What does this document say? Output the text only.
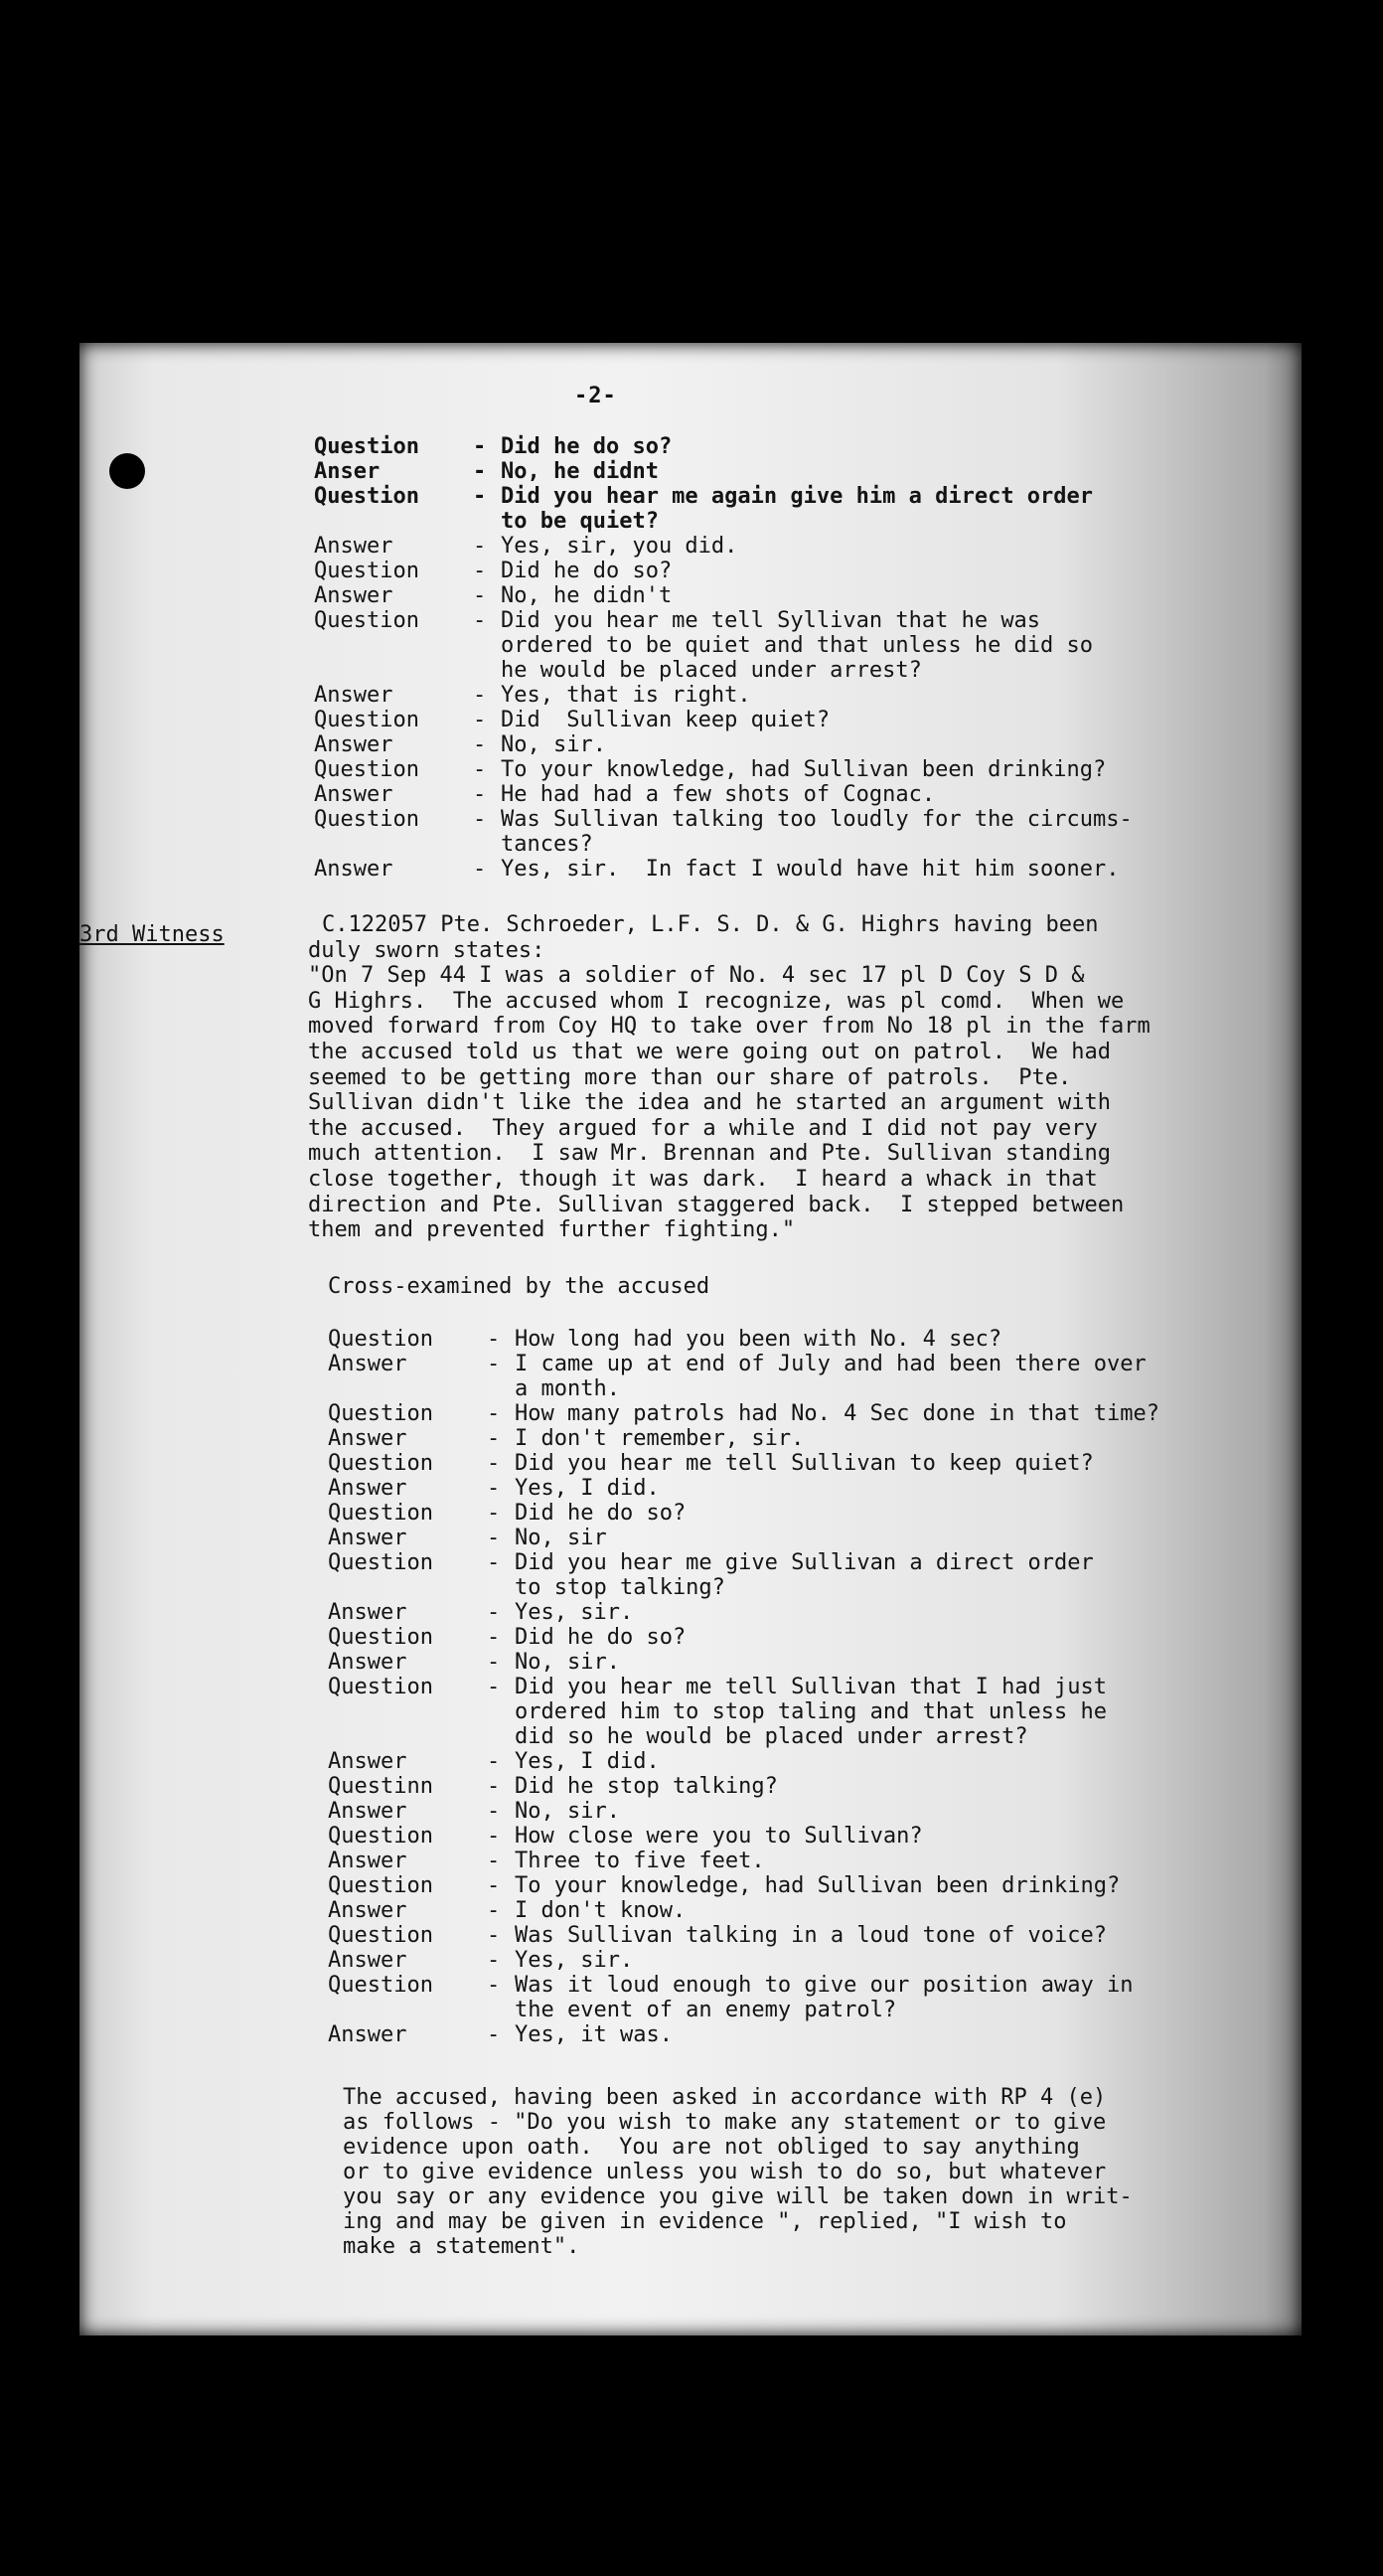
-2-
Question	- Did he do so?
Anser	- No, he didnt
Question	- Did you hear me again give him a direct order
to be quiet?
Answer	- Yes, sir, you did.
Question	- Did he do so?
Answer	- No, he didn't
Question	- Did you hear me tell Syllivan that he was
ordered to be quiet and that unless he did so
he would be placed under arrest?
Answer	- Yes, that is right.
Question	- Did  Sullivan keep quiet?
Answer	- No, sir.
Question	- To your knowledge, had Sullivan been drinking?
Answer	- He had had a few shots of Cognac.
Question	- Was Sullivan talking too loudly for the circums-
tances?
Answer	- Yes, sir.  In fact I would have hit him sooner.
3rd Witness	C.122057 Pte. Schroeder, L.F. S. D. & G. Highrs having been
duly sworn states:
"On 7 Sep 44 I was a soldier of No. 4 sec 17 pl D Coy S D &
G Highrs.  The accused whom I recognize, was pl comd.  When we
moved forward from Coy HQ to take over from No 18 pl in the farm
the accused told us that we were going out on patrol.  We had
seemed to be getting more than our share of patrols.  Pte.
Sullivan didn't like the idea and he started an argument with
the accused.  They argued for a while and I did not pay very
much attention.  I saw Mr. Brennan and Pte. Sullivan standing
close together, though it was dark.  I heard a whack in that
direction and Pte. Sullivan staggered back.  I stepped between
them and prevented further fighting."
Cross-examined by the accused
Question	- How long had you been with No. 4 sec?
Answer	- I came up at end of July and had been there over
a month.
Question	- How many patrols had No. 4 Sec done in that time?
Answer	- I don't remember, sir.
Question	- Did you hear me tell Sullivan to keep quiet?
Answer	- Yes, I did.
Question	- Did he do so?
Answer	- No, sir
Question	- Did you hear me give Sullivan a direct order
to stop talking?
Answer	- Yes, sir.
Question	- Did he do so?
Answer	- No, sir.
Question	- Did you hear me tell Sullivan that I had just
ordered him to stop taling and that unless he
did so he would be placed under arrest?
Answer	- Yes, I did.
Questinn	- Did he stop talking?
Answer	- No, sir.
Question	- How close were you to Sullivan?
Answer	- Three to five feet.
Question	- To your knowledge, had Sullivan been drinking?
Answer	- I don't know.
Question	- Was Sullivan talking in a loud tone of voice?
Answer	- Yes, sir.
Question	- Was it loud enough to give our position away in
the event of an enemy patrol?
Answer	- Yes, it was.
The accused, having been asked in accordance with RP 4 (e)
as follows - "Do you wish to make any statement or to give
evidence upon oath.  You are not obliged to say anything
or to give evidence unless you wish to do so, but whatever
you say or any evidence you give will be taken down in writ-
ing and may be given in evidence ", replied, "I wish to
make a statement".
